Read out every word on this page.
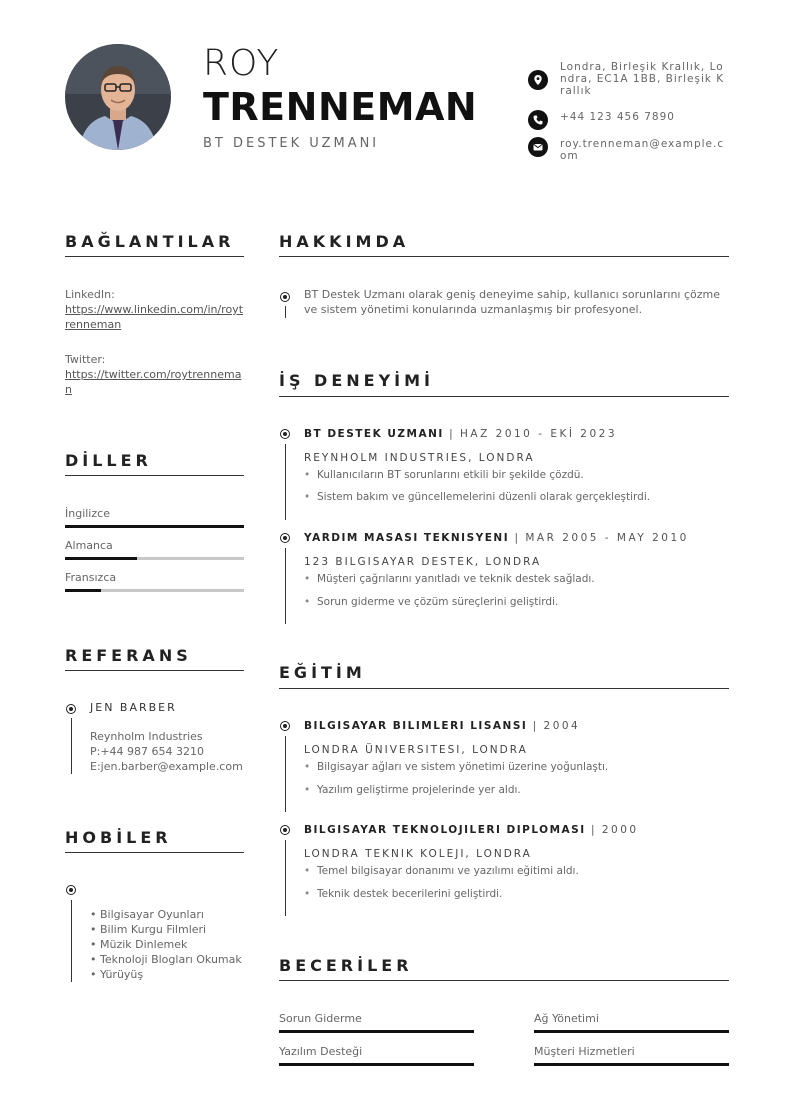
ROY
TRENNEMAN
BT DESTEK UZMANI
Londra, Birleşik Krallık, Londra, EC1A 1BB, Birleşik Krallık
+44 123 456 7890
roy.trenneman@example.com
BAĞLANTILAR
LinkedIn:
https://www.linkedin.com/in/roytrenneman
Twitter:
https://twitter.com/roytrenneman
DİLLER
İngilizce
Almanca
Fransızca
REFERANS
JEN BARBER
Reynholm Industries
P:+44 987 654 3210
E:jen.barber@example.com
HOBİLER
• Bilgisayar Oyunları
• Bilim Kurgu Filmleri
• Müzik Dinlemek
• Teknoloji Blogları Okumak
• Yürüyüş
HAKKIMDA
BT Destek Uzmanı olarak geniş deneyime sahip, kullanıcı sorunlarını çözme ve sistem yönetimi konularında uzmanlaşmış bir profesyonel.
İŞ DENEYİMİ
BT DESTEK UZMANI | HAZ 2010 - EKİ 2023
REYNHOLM INDUSTRIES, LONDRA
• Kullanıcıların BT sorunlarını etkili bir şekilde çözdü.
• Sistem bakım ve güncellemelerini düzenli olarak gerçekleştirdi.
YARDIM MASASI TEKNISYENI | MAR 2005 - MAY 2010
123 BILGISAYAR DESTEK, LONDRA
• Müşteri çağrılarını yanıtladı ve teknik destek sağladı.
• Sorun giderme ve çözüm süreçlerini geliştirdi.
EĞİTİM
BILGISAYAR BILIMLERI LISANSI | 2004
LONDRA ÜNIVERSITESI, LONDRA
• Bilgisayar ağları ve sistem yönetimi üzerine yoğunlaştı.
• Yazılım geliştirme projelerinde yer aldı.
BILGISAYAR TEKNOLOJILERI DIPLOMASI | 2000
LONDRA TEKNIK KOLEJI, LONDRA
• Temel bilgisayar donanımı ve yazılımı eğitimi aldı.
• Teknik destek becerilerini geliştirdi.
BECERİLER
Sorun Giderme	Ağ Yönetimi
Yazılım Desteği	Müşteri Hizmetleri
